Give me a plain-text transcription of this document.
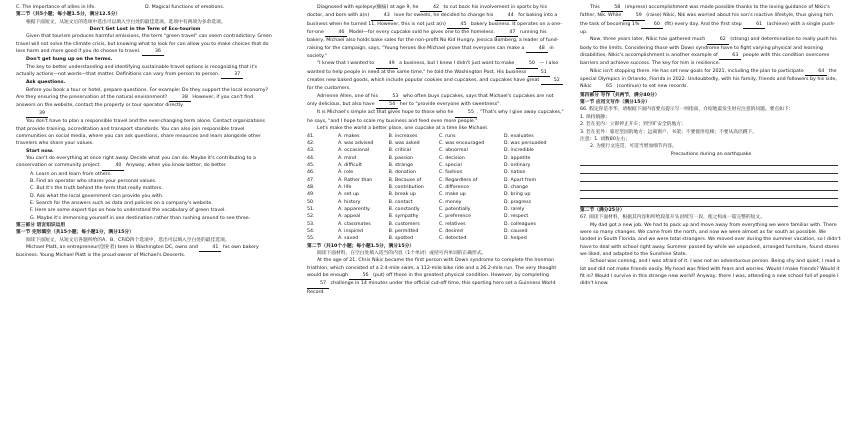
C. The importance of allies in life.	D. Magical functions of emotions.

第二节（共5小题；每小题1.5分，满分12.5分）

根据下面短文，从短文后的选项中选出可以填入空白处的最佳选项。选项中有两项为多余选项。

Don't Get Lost in the Term of Eco-tourism

Given that tourism produces harmful emissions, the term "green travel" can seem contradictory. Green travel will not solve the climate crisis, but knowing what to look for can allow you to make choices that do less harm and more good if you do choose to travel.	36

Don't get hung up on the terms.

The key to better understanding and identifying sustainable travel options is recognizing that it's actually actions—not words—that matter. Definitions can vary from person to person.	37

Ask questions.

Before you book a tour or hotel, prepare questions. For example: Do they support the local economy? Are they ensuring the preservation of the natural environment?	38 However, if you can't find answers on the website, contact the property or tour operator directly.

39

You don't have to plan a responsible travel and the ever-changing term alone. Contact organizations that provide training, accreditation and transport standards. You can also join responsible travel communities on social media, where you can ask questions, share resources and learn alongside other travelers who share your values.

Start now.

You can't do everything at once right away. Decide what you can do. Maybe it's contributing to a conservation or community project.	40 Anyway, when you know better, do better.

A. Learn on and learn from others.

B. Find an operator who shares your personal values.

C. But it's the truth behind the term that really matters.

D. Ask what the local government can provide you with.

E. Search for the answers such as data and policies on a company's website.

F. Here are some expert tips on how to understand the vocabulary of green travel.

G. Maybe it's immersing yourself in one destination rather than rushing around to see three.

第三部分 语言知识运用

第一节 完形填空（共15小题；每小题1分，满分15分）

阅读下面短文，从短文后各题所给的A、B、C和D四个选项中，选出可以填入空白处的最佳选项。

Michael Platt, an entrepreneur(创业者) teen in Washington DC, owns and	41 his own bakery business. Young Michael Platt is the proud owner of Michael's Desserts.

Diagnosed with epilepsy(癫痫) at age 9, he	42 to cut back his involvement in sports by his doctor, and born with a(n)	43 love for sweets, he decided to change his	44 for baking into a business when he turned 11. However, this is not just a(n)	45 bakery business. It operates on a one-for-one	46 Model—for every cupcake sold he gives one to the homeless.	47 running his bakery, Michael also holds bake sales for the non-profit No Kid Hungry. Jessica Bomberg, a leader of fund-raising for the campaign, says, "Young heroes like Michael prove that everyone can make a	48 in society."

"I knew that I wanted to	49 a business, but I knew I didn't just want to make	50 — I also wanted to help people in need at the same time," he told the Washington Post. His business	51 creates new baked goods, which include popular cookies and cupcakes, and cupcakes have great	52 for the customers.

Adrienne Allen, one of his	53 who often buys cupcakes, says that Michael's cupcakes are not only delicious, but also have	54 her to "provide everyone with sweetness".

It is Michael's simple act that gives hope to those who he	55 . "That's why I give away cupcakes," he says, "and I hope to scale my business and feed even more people."

Let's make the world a better place, one cupcake at a time like Michael.

41.	A. makes	B. increases	C. runs	D. evaluates
42.	A. was advised	B. was asked	C. was encouraged	D. was persuaded
43.	A. occasional	B. critical	C. abnormal	D. incredible
44.	A. mind	B. passion	C. decision	D. appetite
45.	A. difficult	B. strange	C. special	D. ordinary
46.	A. role	B. donation	C. fashion	D. nation
47.	A. Rather than	B. Because of	C. Regardless of	D. Apart from
48.	A. life	B. contribution	C. difference	D. change
49.	A. set up	B. break up	C. make up	D. bring up
50.	A. history	B. contact	C. money	D. progress
51.	A. apparently	B. constantly	C. potentially	D. rarely
52.	A. appeal	B. sympathy	C. preference	D. respect
53.	A. classmates	B. customers	C. relatives	D. colleagues
54.	A. inspired	B. permitted	C. desired	D. caused
55.	A. saved	B. spotted	C. detected	D. helped

第二节（共10个小题；每小题1.5分，满分15分）

阅读下面材料，在空白处填入适当的内容（1个单词）或括号内单词的正确形式。

At the age of 21, Chris Nikic became the first person with Down syndrome to complete the Ironman triathlon, which consisted of a 2.4-mile swim, a 112-mile bike ride and a 26.2-mile run. The very thought would be enough	56 (put) off those in the greatest physical condition. However, by completing 57 challenge in 14 minutes under the official cut-off time, this sporting hero set a Guinness World Record.

This	58 (impress) accomplishment was made possible thanks to the loving guidance of Nikic's father, Nik. While	59 (raise) Nikic, Nik was worried about his son's inactive lifestyle, thus giving him the task of becoming 1%	60 (fit) every day. And the first step	61 (achieve) with a single push-up.

Now, three years later, Nikic has gathered much	62 (strong) and determination to really push his body to the limits. Considering those with Down syndrome have to fight varying physical and learning disabilities, Nikic's accomplishment is another example of	63 people with this condition overcome barriers and achieve success. The key for him is resilience.

Nikic isn't stopping there. He has set new goals for 2021, including the plan to participate	64 the special Olympics in Orlando, Florida in 2022. Undoubtedly, with his family, friends and followers by his side, Nikic	65 (continue) to set new records.

第四部分 写作（共两节，满分40分）

第一节 应用文写作（满分15分）

66. 假定你是李华，请根据下面内容要点提示写一则指南，介绍地震发生时应注意的问题。要点如下：

1. 保持镇静；

2. 若在室内：立即停止开车；到空旷安全的地方；

3. 若在室外：靠近坚固的地方；远离窗户、书架；不要使用电梯；不要从高层跳下。

注意：1. 词数80左右；

2. 为使行文连贯，可适当增加细节内容。

Precautions during an earthquake

第二节（满分25分）

67. 阅读下面材料，根据其内容和所给段落开头语续写一段，使之构成一篇完整的短文。

My dad got a new job. We had to pack up and move away from everything we were familiar with. There were so many changes. We came from the north, and now we were almost as far south as possible. We landed in South Florida, and we were total strangers. We moved over during the summer vacation, so I didn't have to deal with school right away. Summer passed by while we unpacked, arranged furniture, found stores we liked, and adapted to the Sunshine State.

School was coming, and I was afraid of it. I was not an adventurous person. Being shy and quiet, I read a lot and did not make friends easily. My head was filled with fears and worries. Would I make friends? Would it fit in? Would I survive in this strange new world? Anyway, there I was, attending a new school full of people I didn't know.
